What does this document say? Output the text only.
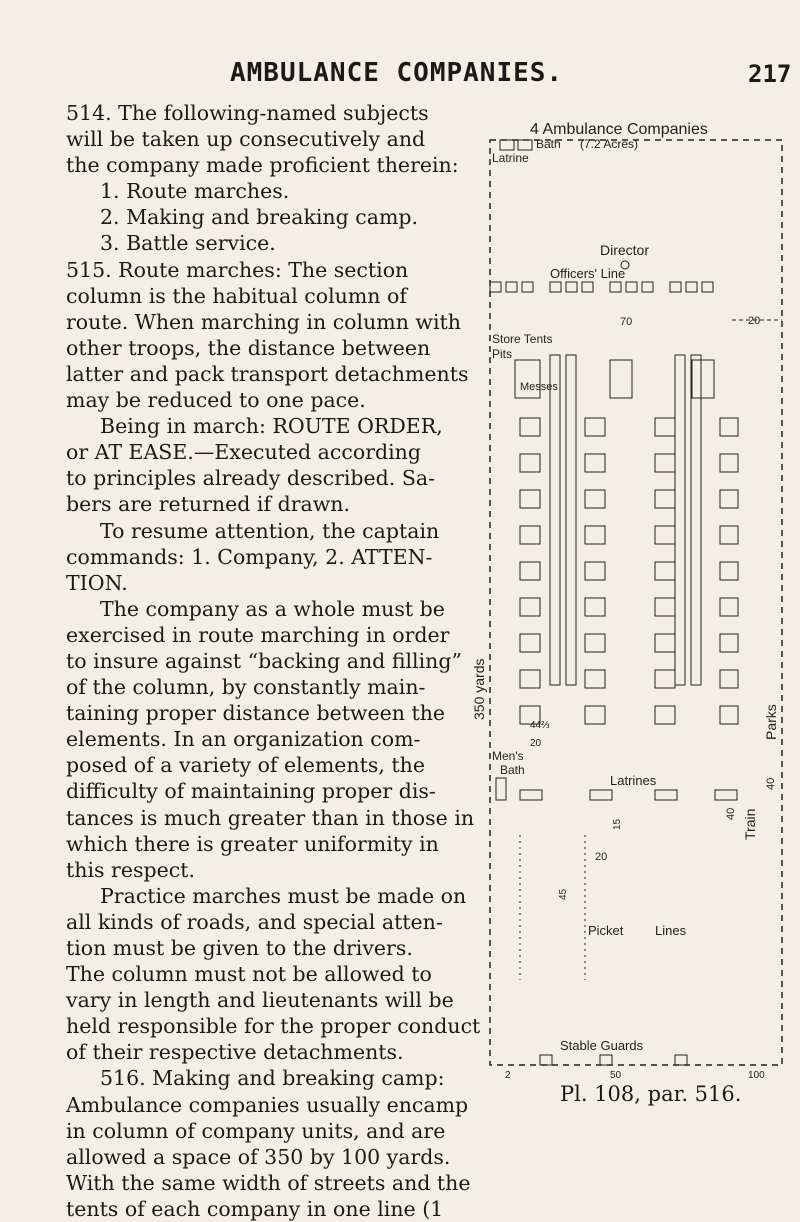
AMBULANCE COMPANIES.	217
514. The following-named subjects
will be taken up consecutively and
the company made proficient therein:
1. Route marches.
2. Making and breaking camp.
3. Battle service.
515. Route marches: The section
column is the habitual column of
route. When marching in column with
other troops, the distance between
latter and pack transport detachments
may be reduced to one pace.
Being in march: ROUTE ORDER,
or AT EASE.—Executed according
to principles already described. Sa-
bers are returned if drawn.
To resume attention, the captain
commands: 1. Company, 2. ATTEN-
TION.
The company as a whole must be
exercised in route marching in order
to insure against “backing and filling”
of the column, by constantly main-
taining proper distance between the
elements. In an organization com-
posed of a variety of elements, the
difficulty of maintaining proper dis-
tances is much greater than in those in
which there is greater uniformity in
this respect.
Practice marches must be made on
all kinds of roads, and special atten-
tion must be given to the drivers.
The column must not be allowed to
vary in length and lieutenants will be
held responsible for the proper conduct
of their respective detachments.
516. Making and breaking camp:
Ambulance companies usually encamp
in column of company units, and are
allowed a space of 350 by 100 yards.
With the same width of streets and the
tents of each company in one line (1
4 Ambulance Companies
(7.2 Acres)
Bath
Latrine
Director
Officers' Line
70	20
Store Tents
Pits
Messes
44⅔
20
350 yards
Parks
Train
40
40
Men's
Bath
Latrines
15
20
Picket Lines
45
Stable Guards
2	50	100
Pl. 108, par. 516.
